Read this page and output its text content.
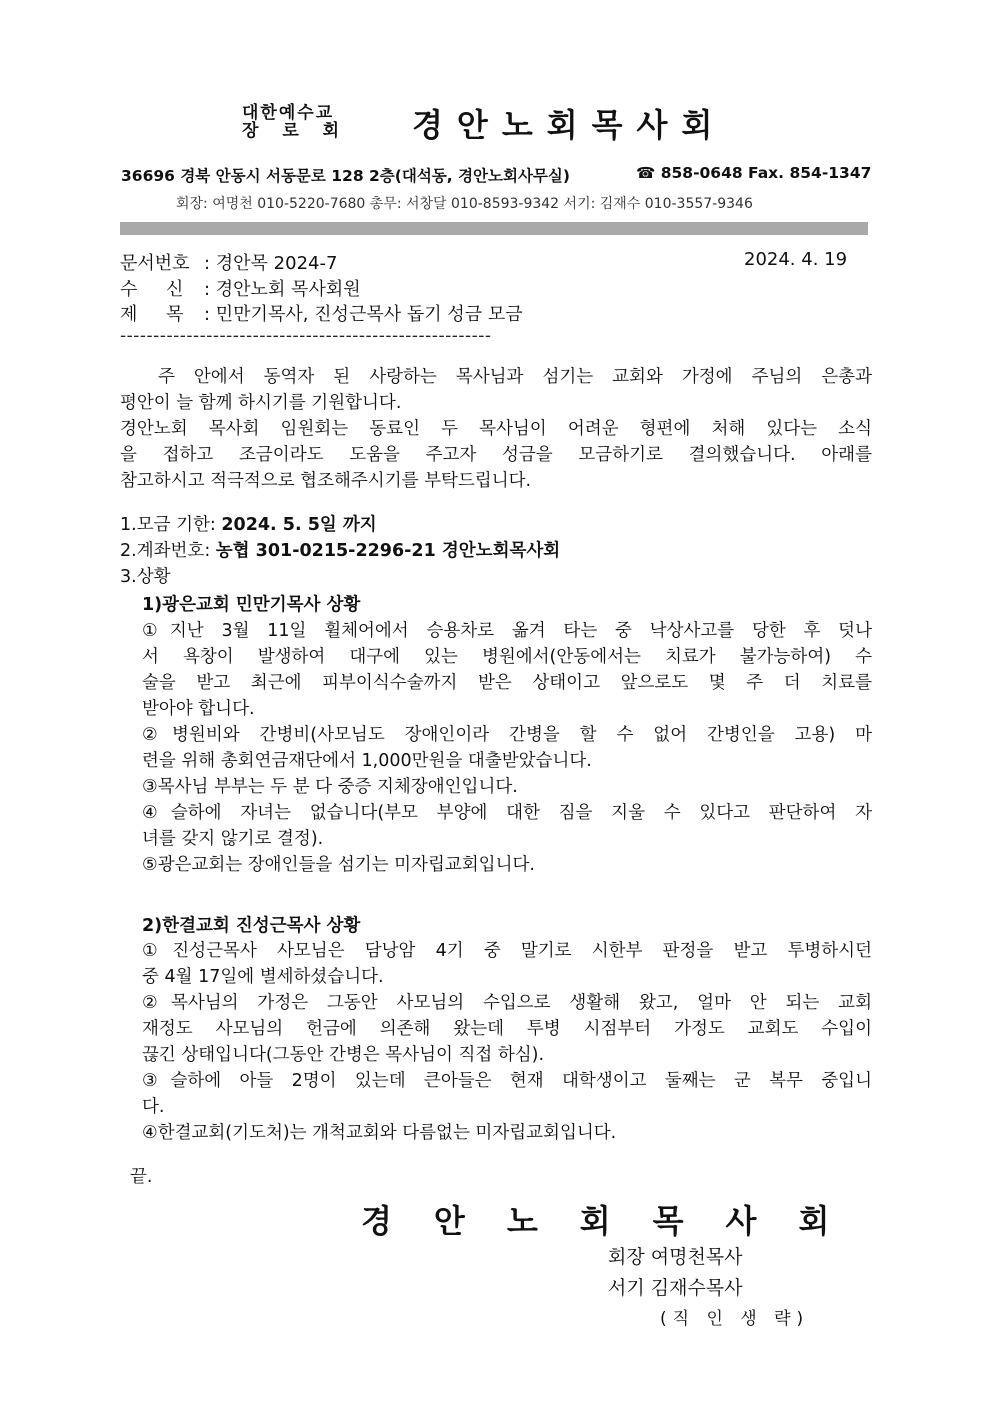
대한예수교
장 로 회 경안노회목사회
36696 경북 안동시 서동문로 128 2층(대석동, 경안노회사무실)	☎ 858-0648 Fax. 854-1347
회장: 여명천 010-5220-7680 총무: 서창달 010-8593-9342 서기: 김재수 010-3557-9346
문서번호 : 경안목 2024-7	2024. 4. 19
수     신 : 경안노회 목사회원
제     목 : 민만기목사, 진성근목사 돕기 성금 모금
--------------------------------------------------------
주 안에서 동역자 된 사랑하는 목사님과 섬기는 교회와 가정에 주님의 은총과
평안이 늘 함께 하시기를 기원합니다.
경안노회 목사회 임원회는 동료인 두 목사님이 어려운 형편에 처해 있다는 소식
을 접하고 조금이라도 도움을 주고자 성금을 모금하기로 결의했습니다. 아래를
참고하시고 적극적으로 협조해주시기를 부탁드립니다.
1.모금 기한: 2024. 5. 5일 까지
2.계좌번호: 농협 301-0215-2296-21 경안노회목사회
3.상황
1)광은교회 민만기목사 상황
①지난 3월 11일 휠체어에서 승용차로 옮겨 타는 중 낙상사고를 당한 후 덧나
서 욕창이 발생하여 대구에 있는 병원에서(안동에서는 치료가 불가능하여) 수
술을 받고 최근에 피부이식수술까지 받은 상태이고 앞으로도 몇 주 더 치료를
받아야 합니다.
②병원비와 간병비(사모님도 장애인이라 간병을 할 수 없어 간병인을 고용) 마
련을 위해 총회연금재단에서 1,000만원을 대출받았습니다.
③목사님 부부는 두 분 다 중증 지체장애인입니다.
④슬하에 자녀는 없습니다(부모 부양에 대한 짐을 지울 수 있다고 판단하여 자
녀를 갖지 않기로 결정).
⑤광은교회는 장애인들을 섬기는 미자립교회입니다.
2)한결교회 진성근목사 상황
①진성근목사 사모님은 담낭암 4기 중 말기로 시한부 판정을 받고 투병하시던
중 4월 17일에 별세하셨습니다.
②목사님의 가정은 그동안 사모님의 수입으로 생활해 왔고, 얼마 안 되는 교회
재정도 사모님의 헌금에 의존해 왔는데 투병 시점부터 가정도 교회도 수입이
끊긴 상태입니다(그동안 간병은 목사님이 직접 하심).
③슬하에 아들 2명이 있는데 큰아들은 현재 대학생이고 둘째는 군 복무 중입니
다.
④한결교회(기도처)는 개척교회와 다름없는 미자립교회입니다.
끝.
경안노회목사회
회장 여명천목사
서기 김재수목사
(직 인 생 략)
